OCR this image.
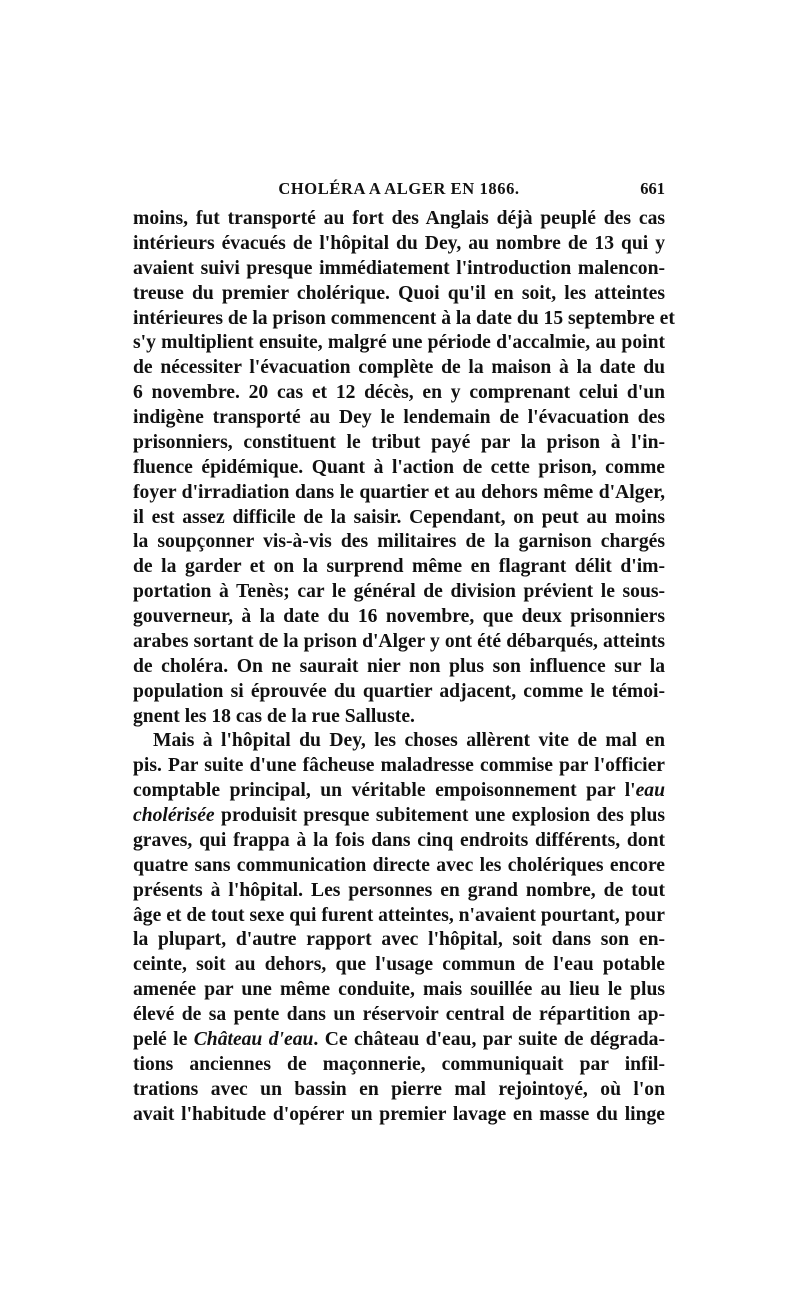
CHOLÉRA A ALGER EN 1866.	661

moins, fut transporté au fort des Anglais déjà peuplé des cas
intérieurs évacués de l'hôpital du Dey, au nombre de 13 qui y
avaient suivi presque immédiatement l'introduction malencon-
treuse du premier cholérique. Quoi qu'il en soit, les atteintes
intérieures de la prison commencent à la date du 15 septembre et
s'y multiplient ensuite, malgré une période d'accalmie, au point
de nécessiter l'évacuation complète de la maison à la date du
6 novembre. 20 cas et 12 décès, en y comprenant celui d'un
indigène transporté au Dey le lendemain de l'évacuation des
prisonniers, constituent le tribut payé par la prison à l'in-
fluence épidémique. Quant à l'action de cette prison, comme
foyer d'irradiation dans le quartier et au dehors même d'Alger,
il est assez difficile de la saisir. Cependant, on peut au moins
la soupçonner vis-à-vis des militaires de la garnison chargés
de la garder et on la surprend même en flagrant délit d'im-
portation à Tenès; car le général de division prévient le sous-
gouverneur, à la date du 16 novembre, que deux prisonniers
arabes sortant de la prison d'Alger y ont été débarqués, atteints
de choléra. On ne saurait nier non plus son influence sur la
population si éprouvée du quartier adjacent, comme le témoi-
gnent les 18 cas de la rue Salluste.

Mais à l'hôpital du Dey, les choses allèrent vite de mal en
pis. Par suite d'une fâcheuse maladresse commise par l'officier
comptable principal, un véritable empoisonnement par l'eau
cholérisée produisit presque subitement une explosion des plus
graves, qui frappa à la fois dans cinq endroits différents, dont
quatre sans communication directe avec les cholériques encore
présents à l'hôpital. Les personnes en grand nombre, de tout
âge et de tout sexe qui furent atteintes, n'avaient pourtant, pour
la plupart, d'autre rapport avec l'hôpital, soit dans son en-
ceinte, soit au dehors, que l'usage commun de l'eau potable
amenée par une même conduite, mais souillée au lieu le plus
élevé de sa pente dans un réservoir central de répartition ap-
pelé le Château d'eau. Ce château d'eau, par suite de dégrada-
tions anciennes de maçonnerie, communiquait par infil-
trations avec un bassin en pierre mal rejointoyé, où l'on
avait l'habitude d'opérer un premier lavage en masse du linge
